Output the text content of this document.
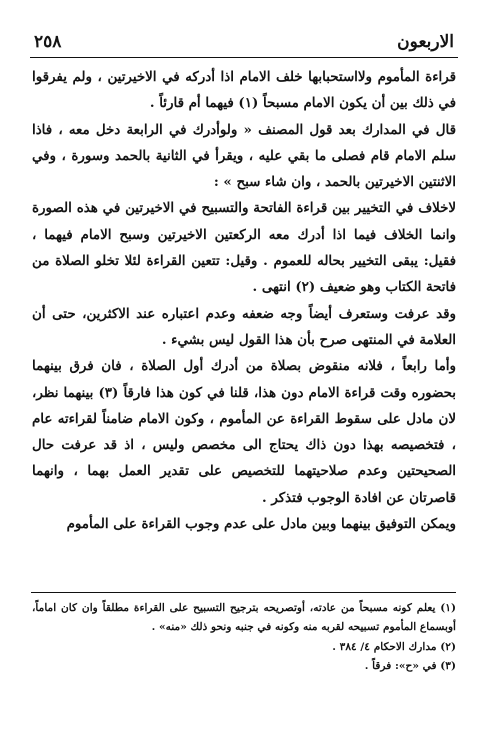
٢٥٨	الاربعون

قراءة المأموم ولااستحبابها خلف الامام اذا أدركه في الاخيرتين ، ولم يفرقوا في ذلك بين أن يكون الامام مسبحاً (١) فيهما أم قارئاً .

قال في المدارك بعد قول المصنف « ولوأدرك في الرابعة دخل معه ، فاذا سلم الامام قام فصلى ما بقي عليه ، ويقرأ في الثانية بالحمد وسورة ، وفي الاثنتين الاخيرتين بالحمد ، وان شاء سبح » :

لاخلاف في التخيير بين قراءة الفاتحة والتسبيح في الاخيرتين في هذه الصورة وانما الخلاف فيما اذا أدرك معه الركعتين الاخيرتين وسبح الامام فيهما ، فقيل: يبقى التخيير بحاله للعموم . وقيل: تتعين القراءة لئلا تخلو الصلاة من فاتحة الكتاب وهو ضعيف (٢) انتهى .

وقد عرفت وستعرف أيضاً وجه ضعفه وعدم اعتباره عند الاكثرين، حتى أن العلامة في المنتهى صرح بأن هذا القول ليس بشيء .

وأما رابعاً ، فلانه منقوض بصلاة من أدرك أول الصلاة ، فان فرق بينهما بحضوره وقت قراءة الامام دون هذا، قلنا في كون هذا فارقاً (٣) بينهما نظر، لان مادل على سقوط القراءة عن المأموم ، وكون الامام ضامناً لقراءته عام ، فتخصيصه بهذا دون ذاك يحتاج الى مخصص وليس ، اذ قد عرفت حال الصحيحتين وعدم صلاحيتهما للتخصيص على تقدير العمل بهما ، وانهما قاصرتان عن افادة الوجوب فتذكر .

ويمكن التوفيق بينهما وبين مادل على عدم وجوب القراءة على المأموم

(١) يعلم كونه مسبحاً من عادته، أوتصريحه بترجيح التسبيح على القراءة مطلقاً وان كان اماماً، أوبسماع المأموم تسبيحه لقربه منه وكونه في جنبه ونحو ذلك «منه» .

(٢) مدارك الاحكام ٤/ ٣٨٤ .

(٣) في «ح»: فرقاً .
